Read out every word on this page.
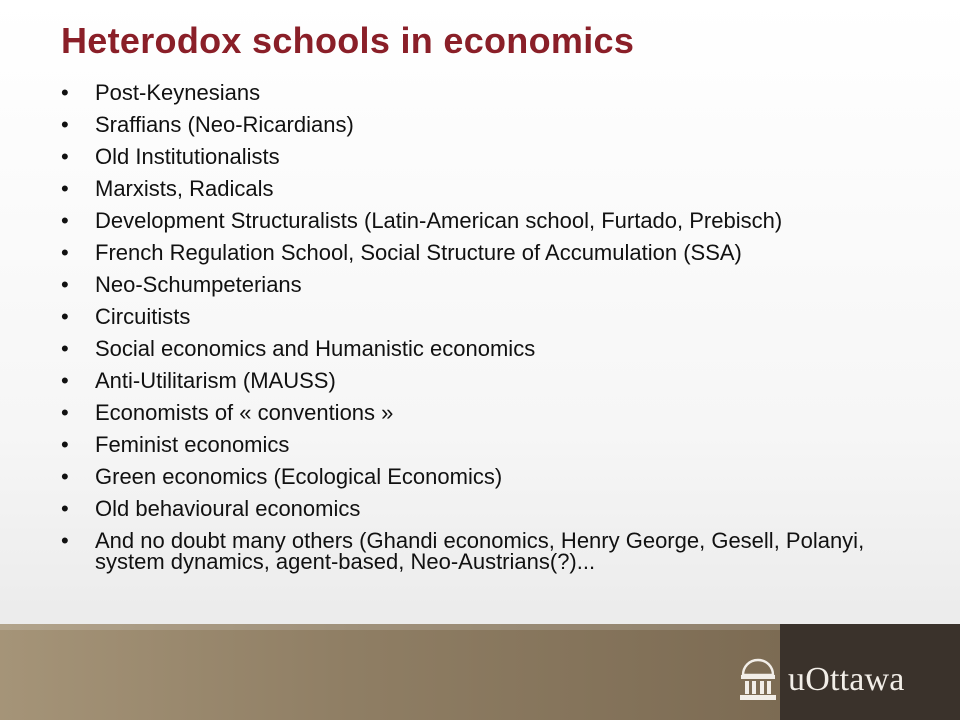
Heterodox schools in economics
• Post-Keynesians
• Sraffians (Neo-Ricardians)
• Old Institutionalists
• Marxists, Radicals
• Development Structuralists (Latin-American school, Furtado, Prebisch)
• French Regulation School, Social Structure of Accumulation (SSA)
• Neo-Schumpeterians
• Circuitists
• Social economics and Humanistic economics
• Anti-Utilitarism (MAUSS)
• Economists of « conventions »
• Feminist economics
• Green economics (Ecological Economics)
• Old behavioural economics
• And no doubt many others (Ghandi economics, Henry George, Gesell, Polanyi, system dynamics, agent-based, Neo-Austrians(?)...
uOttawa
